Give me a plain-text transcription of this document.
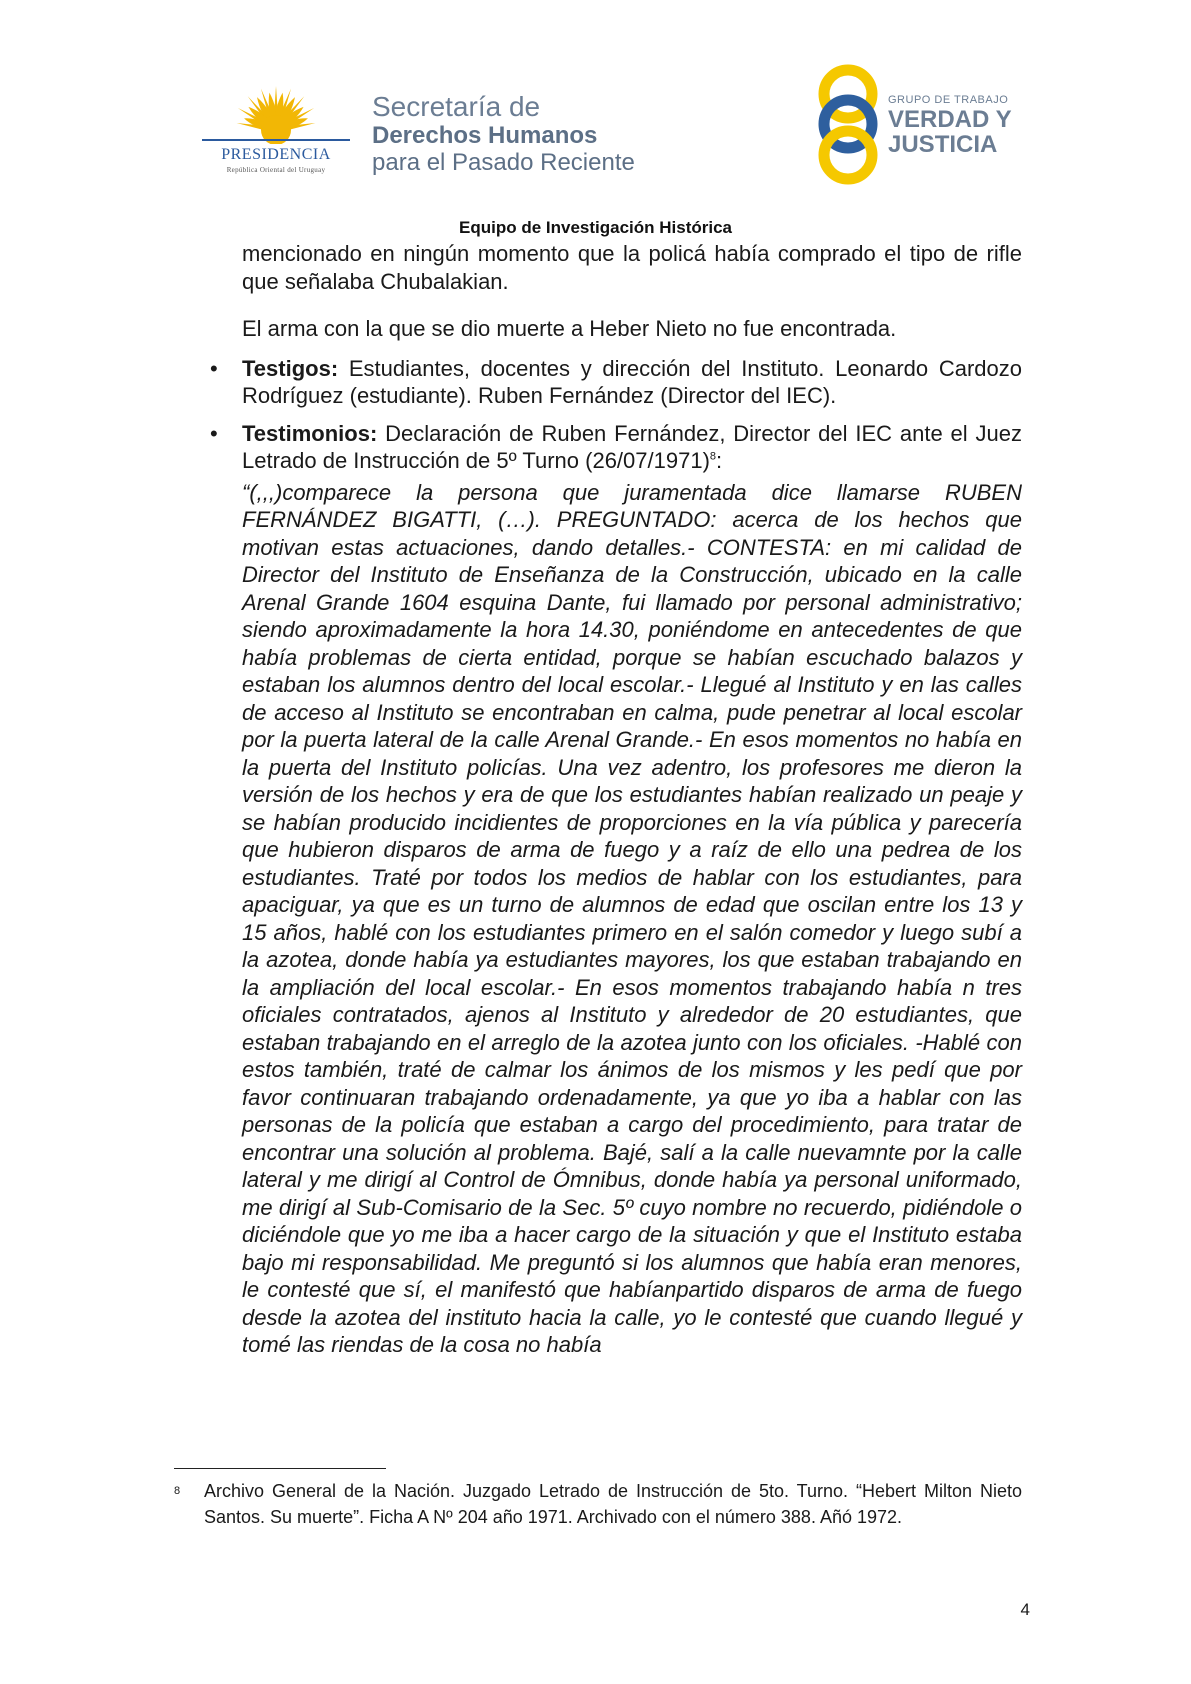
PRESIDENCIA
República Oriental del Uruguay
Secretaría de
Derechos Humanos
para el Pasado Reciente
GRUPO DE TRABAJO
VERDAD Y
JUSTICIA
Equipo de Investigación Histórica

mencionado en ningún momento que la policá había comprado el tipo de rifle que señalaba Chubalakian.

El arma con la que se dio muerte a Heber Nieto no fue encontrada.

• Testigos: Estudiantes, docentes y dirección del Instituto. Leonardo Cardozo Rodríguez (estudiante). Ruben Fernández (Director del IEC).

• Testimonios: Declaración de Ruben Fernández, Director del IEC ante el Juez Letrado de Instrucción de 5º Turno $(26/07/1971)^8$:

“(,,,)comparece la persona que juramentada dice llamarse RUBEN FERNÁNDEZ BIGATTI, (…). PREGUNTADO: acerca de los hechos que motivan estas actuaciones, dando detalles.- CONTESTA: en mi calidad de Director del Instituto de Enseñanza de la Construcción, ubicado en la calle Arenal Grande 1604 esquina Dante, fui llamado por personal administrativo; siendo aproximadamente la hora 14.30, poniéndome en antecedentes de que había problemas de cierta entidad, porque se habían escuchado balazos y estaban los alumnos dentro del local escolar.- Llegué al Instituto y en las calles de acceso al Instituto se encontraban en calma, pude penetrar al local escolar por la puerta lateral de la calle Arenal Grande.- En esos momentos no había en la puerta del Instituto policías. Una vez adentro, los profesores me dieron la versión de los hechos y era de que los estudiantes habían realizado un peaje y se habían producido incidientes de proporciones en la vía pública y parecería que hubieron disparos de arma de fuego y a raíz de ello una pedrea de los estudiantes. Traté por todos los medios de hablar con los estudiantes, para apaciguar, ya que es un turno de alumnos de edad que oscilan entre los 13 y 15 años, hablé con los estudiantes primero en el salón comedor y luego subí a la azotea, donde había ya estudiantes mayores, los que estaban trabajando en la ampliación del local escolar.- En esos momentos trabajando había n tres oficiales contratados, ajenos al Instituto y alrededor de 20 estudiantes, que estaban trabajando en el arreglo de la azotea junto con los oficiales. -Hablé con estos también, traté de calmar los ánimos de los mismos y les pedí que por favor continuaran trabajando ordenadamente, ya que yo iba a hablar con las personas de la policía que estaban a cargo del procedimiento, para tratar de encontrar una solución al problema. Bajé, salí a la calle nuevamnte por la calle lateral y me dirigí al Control de Ómnibus, donde había ya personal uniformado, me dirigí al Sub-Comisario de la Sec. 5º cuyo nombre no recuerdo, pidiéndole o diciéndole que yo me iba a hacer cargo de la situación y que el Instituto estaba bajo mi responsabilidad. Me preguntó si los alumnos que había eran menores, le contesté que sí, el manifestó que habíanpartido disparos de arma de fuego desde la azotea del instituto hacia la calle, yo le contesté que cuando llegué y tomé las riendas de la cosa no había

8 Archivo General de la Nación. Juzgado Letrado de Instrucción de 5to. Turno. “Hebert Milton Nieto Santos. Su muerte”. Ficha A Nº 204 año 1971. Archivado con el número 388. Añó 1972.
4
